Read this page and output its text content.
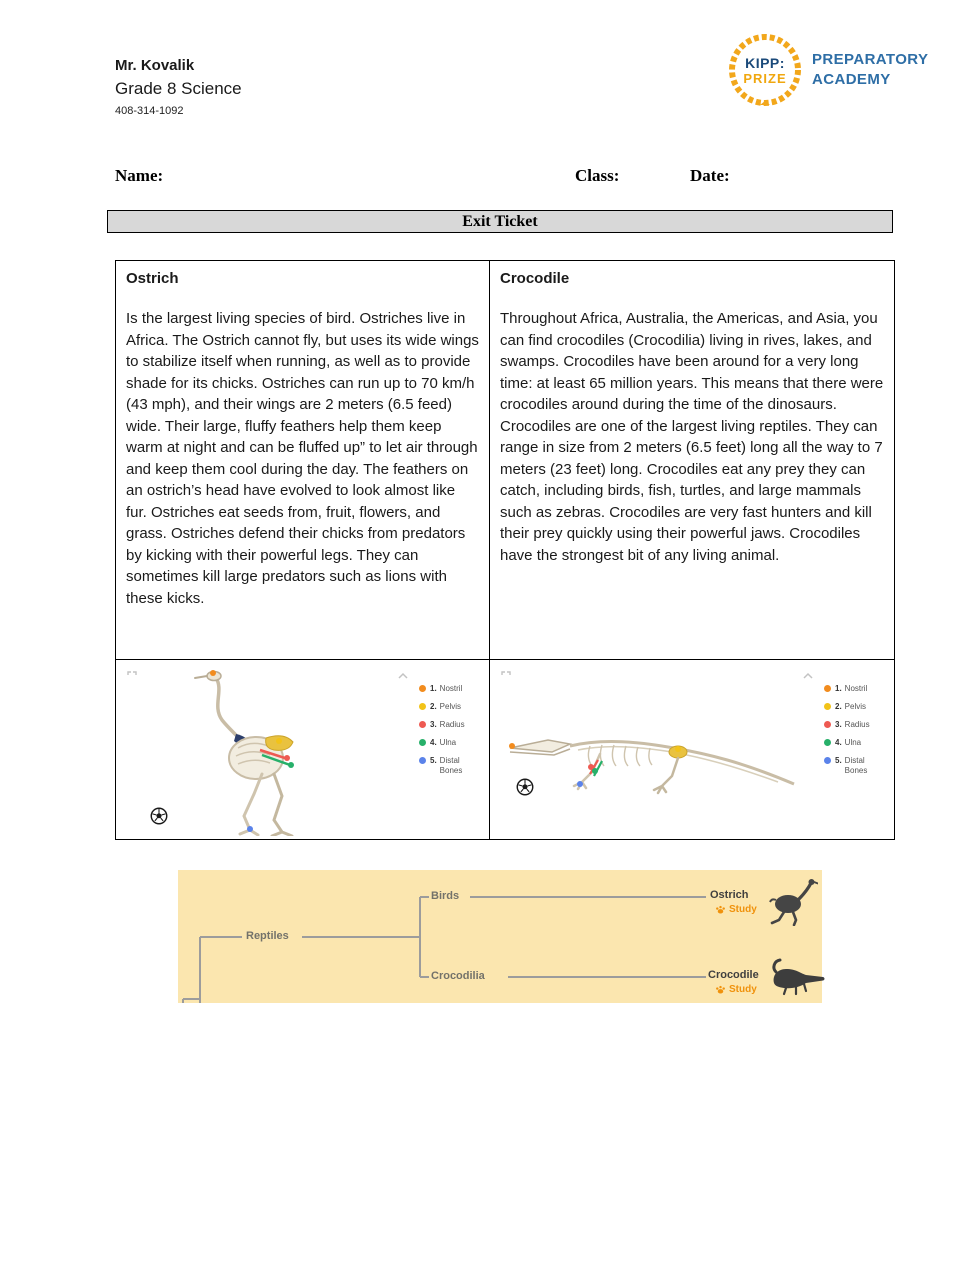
Mr. Kovalik
Grade 8 Science
408-314-1092
KIPP:
PRIZE
PREPARATORY
ACADEMY
Name:	Class:	Date:
Exit Ticket
Ostrich
Is the largest living species of bird. Ostriches live in Africa. The Ostrich cannot fly, but uses its wide wings to stabilize itself when running, as well as to provide shade for its chicks. Ostriches can run up to 70 km/h (43 mph), and their wings are 2 meters (6.5 feed) wide. Their large, fluffy feathers help them keep warm at night and can be fluffed up” to let air through and keep them cool during the day. The feathers on an ostrich’s head have evolved to look almost like fur. Ostriches eat seeds from, fruit, flowers, and grass. Ostriches defend their chicks from predators by kicking with their powerful legs. They can sometimes kill large predators such as lions with these kicks.
Crocodile
Throughout Africa, Australia, the Americas, and Asia, you can find crocodiles (Crocodilia) living in rives, lakes, and swamps. Crocodiles have been around for a very long time: at least 65 million years. This means that there were crocodiles around during the time of the dinosaurs. Crocodiles are one of the largest living reptiles. They can range in size from 2 meters (6.5 feet) long all the way to 7 meters (23 feet) long. Crocodiles eat any prey they can catch, including birds, fish, turtles, and large mammals such as zebras. Crocodiles are very fast hunters and kill their prey quickly using their powerful jaws. Crocodiles have the strongest bit of any living animal.
1. Nostril
2. Pelvis
3. Radius
4. Ulna
5. Distal Bones
1. Nostril
2. Pelvis
3. Radius
4. Ulna
5. Distal Bones
Reptiles
Birds
Crocodilia
Ostrich
Study
Crocodile
Study
